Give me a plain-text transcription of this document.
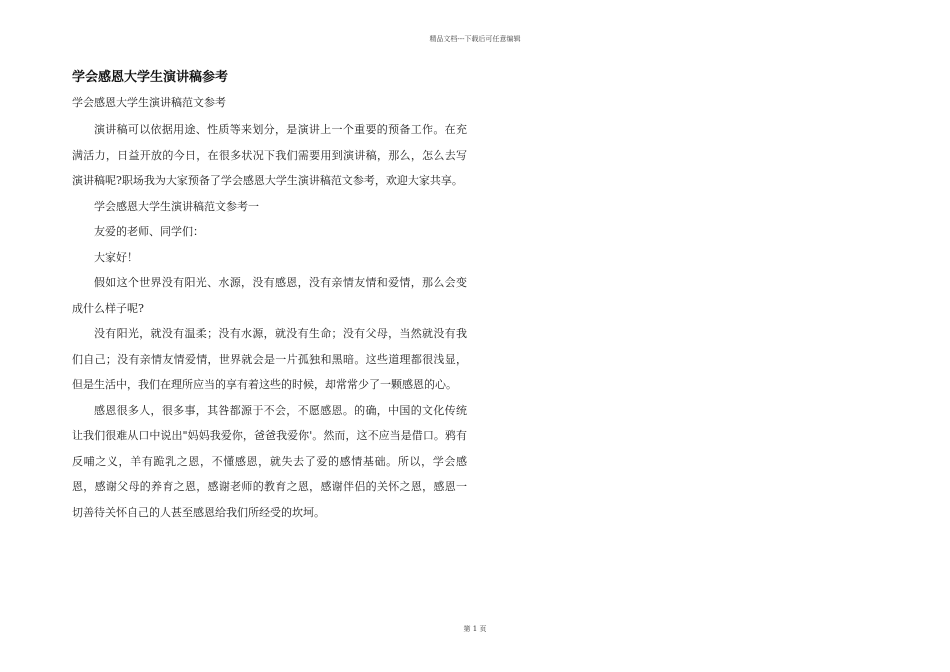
精品文档---下载后可任意编辑
学会感恩大学生演讲稿参考

学会感恩大学生演讲稿范文参考

演讲稿可以依据用途、性质等来划分，是演讲上一个重要的预备工作。在充满活力，日益开放的今日，在很多状况下我们需要用到演讲稿，那么，怎么去写演讲稿呢?职场我为大家预备了学会感恩大学生演讲稿范文参考，欢迎大家共享。

学会感恩大学生演讲稿范文参考一

友爱的老师、同学们：

大家好！

假如这个世界没有阳光、水源，没有感恩，没有亲情友情和爱情，那么会变成什么样子呢?

没有阳光，就没有温柔；没有水源，就没有生命；没有父母，当然就没有我们自己；没有亲情友情爱情，世界就会是一片孤独和黑暗。这些道理都很浅显，但是生活中，我们在理所应当的享有着这些的时候，却常常少了一颗感恩的心。

感恩很多人，很多事，其咎都源于不会，不愿感恩。的确，中国的文化传统让我们很难从口中说出"妈妈我爱你，爸爸我爱你'。然而，这不应当是借口。鸦有反哺之义，羊有跪乳之恩，不懂感恩，就失去了爱的感情基础。所以，学会感恩，感谢父母的养育之恩，感谢老师的教育之恩，感谢伴侣的关怀之恩，感恩一切善待关怀自己的人甚至感恩给我们所经受的坎坷。

第 1 页
